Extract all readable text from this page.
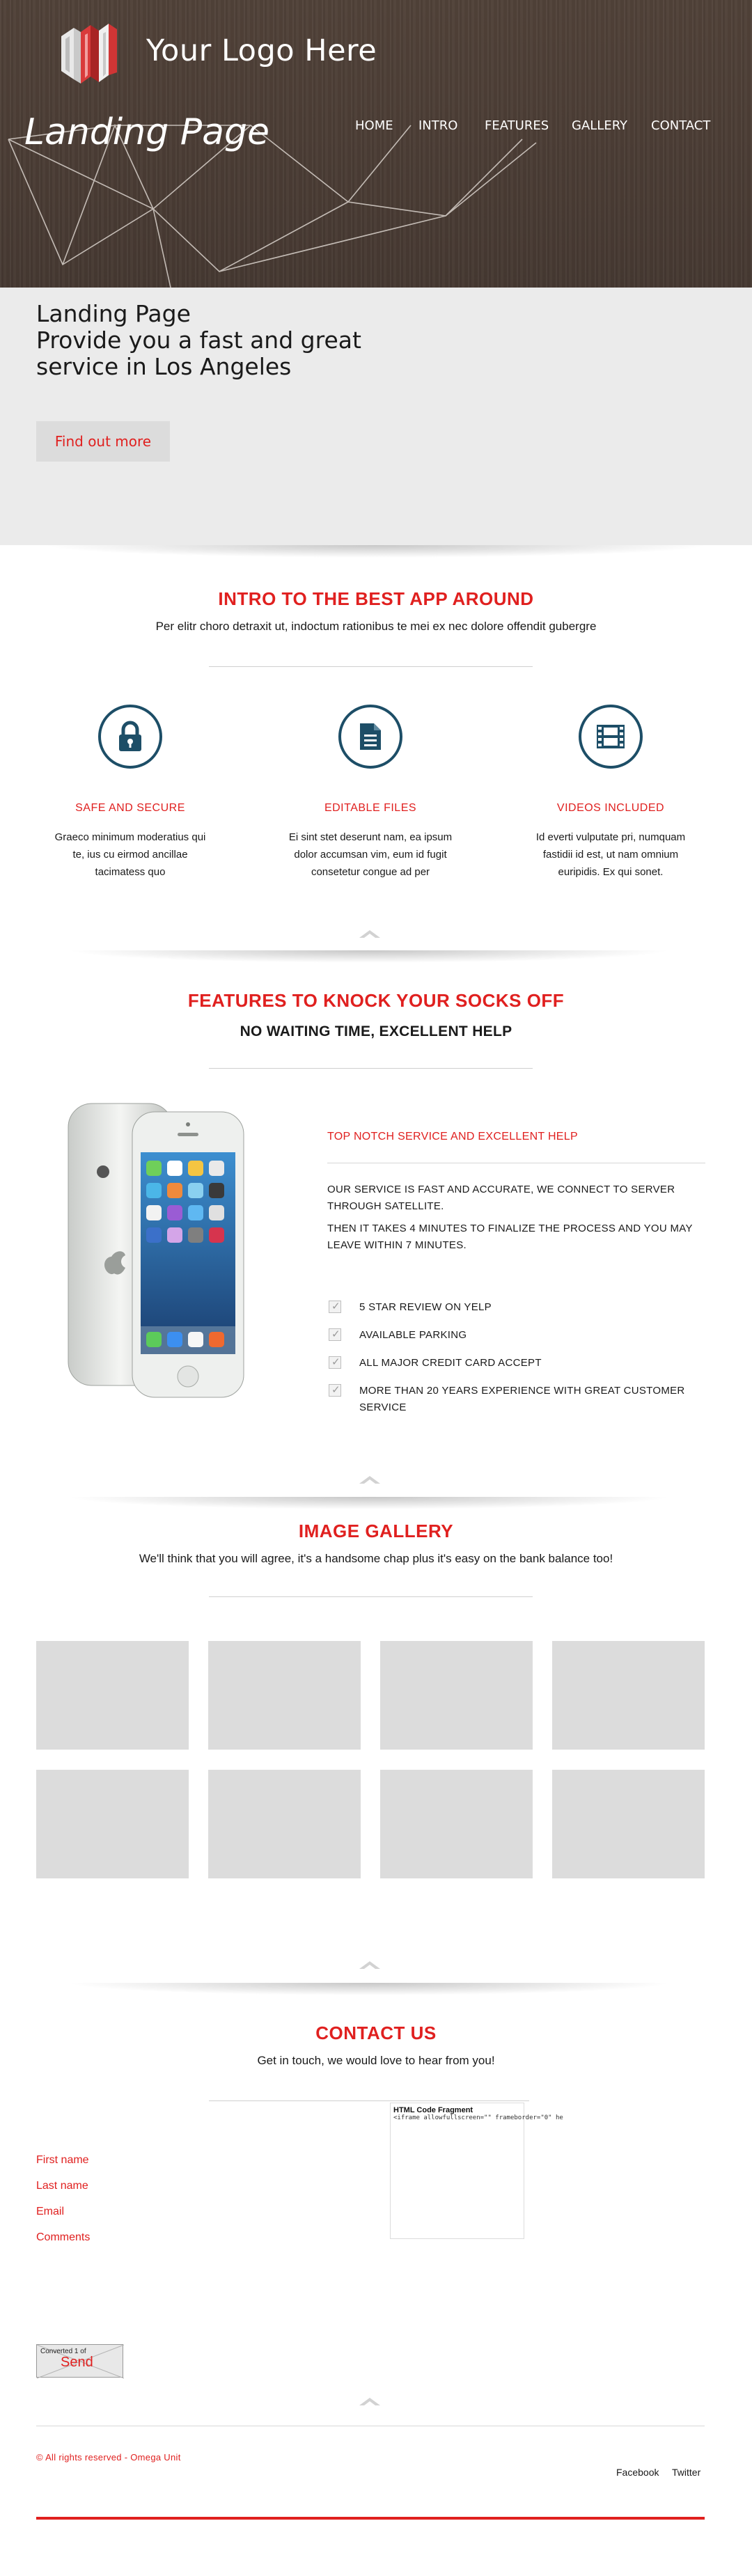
Your Logo Here
Landing Page	HOME INTRO FEATURES GALLERY CONTACT
Landing Page
Provide you a fast and great
service in Los Angeles
Find out more
INTRO TO THE BEST APP AROUND
Per elitr choro detraxit ut, indoctum rationibus te mei ex nec dolore offendit gubergre
SAFE AND SECURE
Graeco minimum moderatius qui
te, ius cu eirmod ancillae
tacimatess quo
EDITABLE FILES
Ei sint stet deserunt nam, ea ipsum
dolor accumsan vim, eum id fugit
consetetur congue ad per
VIDEOS INCLUDED
Id everti vulputate pri, numquam
fastidii id est, ut nam omnium
euripidis. Ex qui sonet.
FEATURES TO KNOCK YOUR SOCKS OFF
NO WAITING TIME, EXCELLENT HELP
TOP NOTCH SERVICE AND EXCELLENT HELP
OUR SERVICE IS FAST AND ACCURATE, WE CONNECT TO SERVER THROUGH SATELLITE.
THEN IT TAKES 4 MINUTES TO FINALIZE THE PROCESS AND YOU MAY LEAVE WITHIN 7 MINUTES.
✓
5 STAR REVIEW ON YELP
✓
AVAILABLE PARKING
✓
ALL MAJOR CREDIT CARD ACCEPT
✓
MORE THAN 20 YEARS EXPERIENCE WITH GREAT CUSTOMER SERVICE
IMAGE GALLERY
We'll think that you will agree, it's a handsome chap plus it's easy on the bank balance too!
CONTACT US
Get in touch, we would love to hear from you!
First name
Last name
Email
Comments
HTML Code Fragment
<iframe allowfullscreen="" frameborder="0" he
Converted 1 of
Send
© All rights reserved - Omega Unit
Facebook Twitter
